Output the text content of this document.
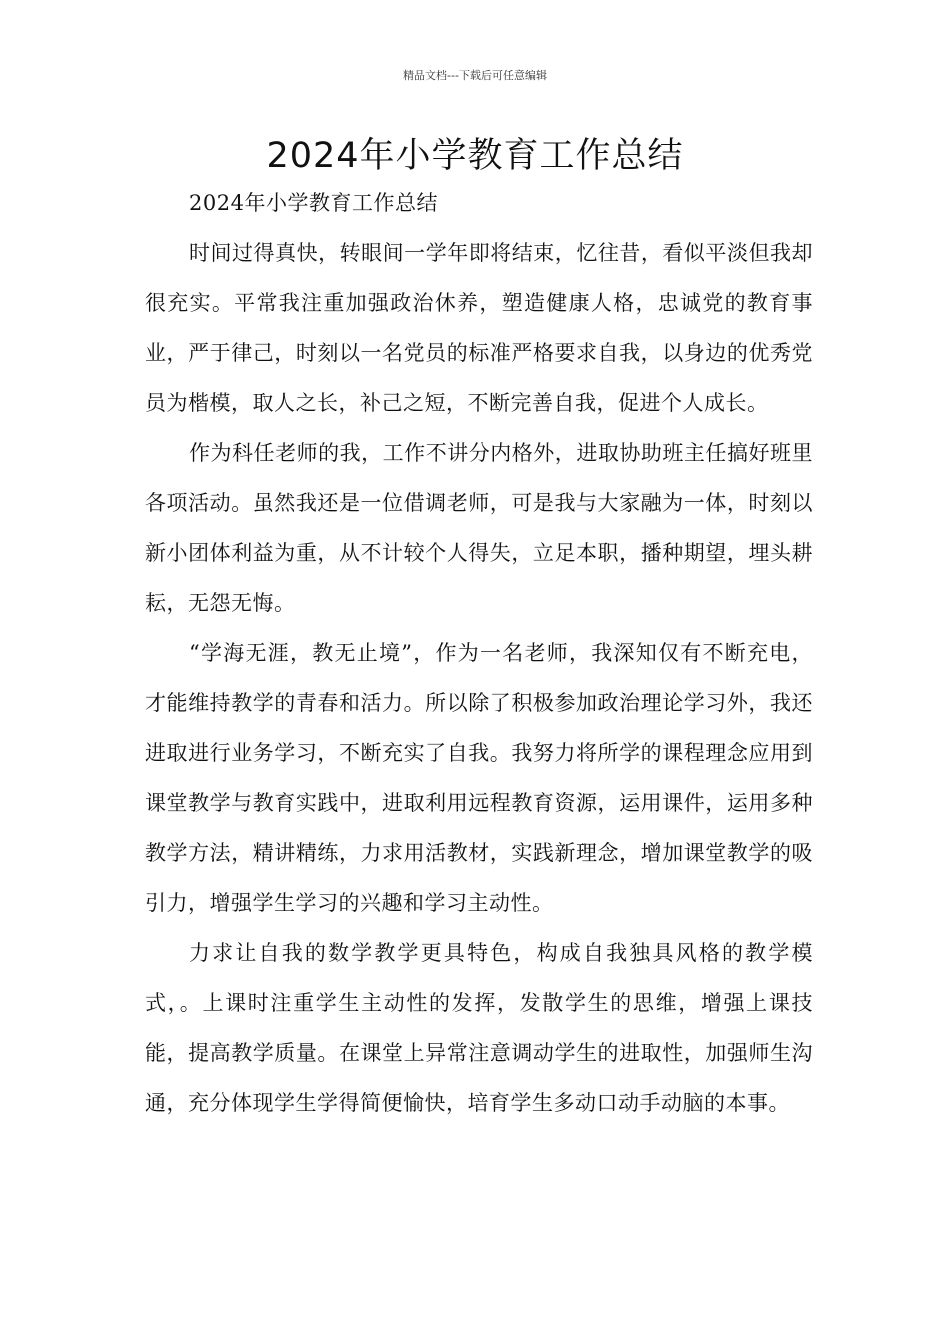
精品文档---下载后可任意编辑
2024年小学教育工作总结

2024年小学教育工作总结

时间过得真快，转眼间一学年即将结束，忆往昔，看似平淡但我却很充实。平常我注重加强政治休养，塑造健康人格，忠诚党的教育事业，严于律己，时刻以一名党员的标准严格要求自我，以身边的优秀党员为楷模，取人之长，补己之短，不断完善自我，促进个人成长。

作为科任老师的我，工作不讲分内格外，进取协助班主任搞好班里各项活动。虽然我还是一位借调老师，可是我与大家融为一体，时刻以新小团体利益为重，从不计较个人得失，立足本职，播种期望，埋头耕耘，无怨无悔。

“学海无涯，教无止境”，作为一名老师，我深知仅有不断充电，才能维持教学的青春和活力。所以除了积极参加政治理论学习外，我还进取进行业务学习，不断充实了自我。我努力将所学的课程理念应用到课堂教学与教育实践中，进取利用远程教育资源，运用课件，运用多种教学方法，精讲精练，力求用活教材，实践新理念，增加课堂教学的吸引力，增强学生学习的兴趣和学习主动性。

力求让自我的数学教学更具特色，构成自我独具风格的教学模式，。上课时注重学生主动性的发挥，发散学生的思维，增强上课技能，提高教学质量。在课堂上异常注意调动学生的进取性，加强师生沟通，充分体现学生学得简便愉快，培育学生多动口动手动脑的本事。
